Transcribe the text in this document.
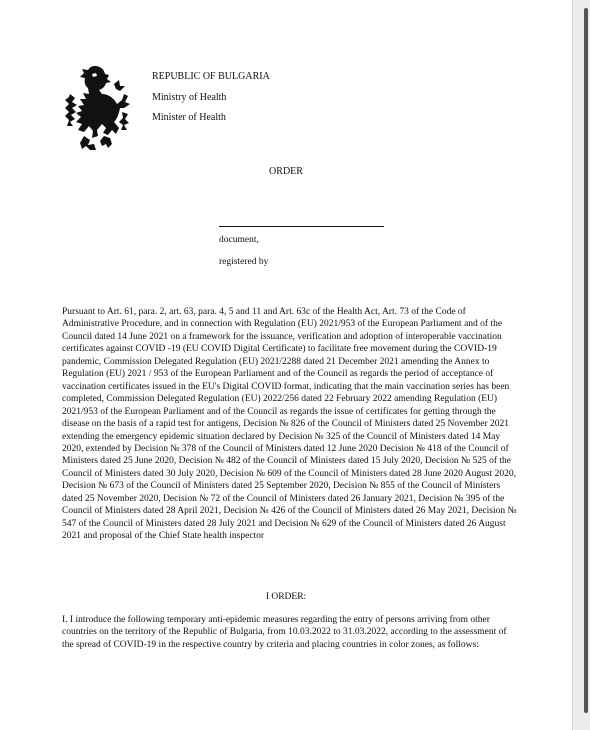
REPUBLIC OF BULGARIA
Ministry of Health
Minister of Health
ORDER
document,
registered by

Pursuant to Art. 61, para. 2, art. 63, para. 4, 5 and 11 and Art. 63c of the Health Act, Art. 73 of the Code of Administrative Procedure, and in connection with Regulation (EU) 2021/953 of the European Parliament and of the Council dated 14 June 2021 on a framework for the issuance, verification and adoption of interoperable vaccination certificates against COVID -19 (EU COVID Digital Certificate) to facilitate free movement during the COVID-19 pandemic, Commission Delegated Regulation (EU) 2021/2288 dated 21 December 2021 amending the Annex to Regulation (EU) 2021 / 953 of the European Parliament and of the Council as regards the period of acceptance of vaccination certificates issued in the EU's Digital COVID format, indicating that the main vaccination series has been completed, Commission Delegated Regulation (EU) 2022/256 dated 22 February 2022 amending Regulation (EU) 2021/953 of the European Parliament and of the Council as regards the issue of certificates for getting through the disease on the basis of a rapid test for antigens, Decision № 826 of the Council of Ministers dated 25 November 2021 extending the emergency epidemic situation declared by Decision № 325 of the Council of Ministers dated 14 May 2020, extended by Decision № 378 of the Council of Ministers dated 12 June 2020 Decision № 418 of the Council of Ministers dated 25 June 2020, Decision № 482 of the Council of Ministers dated 15 July 2020, Decision № 525 of the Council of Ministers dated 30 July 2020, Decision № 609 of the Council of Ministers dated 28 June 2020 August 2020, Decision № 673 of the Council of Ministers dated 25 September 2020, Decision № 855 of the Council of Ministers dated 25 November 2020, Decision № 72 of the Council of Ministers dated 26 January 2021, Decision № 395 of the Council of Ministers dated 28 April 2021, Decision № 426 of the Council of Ministers dated 26 May 2021, Decision № 547 of the Council of Ministers dated 28 July 2021 and Decision № 629 of the Council of Ministers dated 26 August 2021 and proposal of the Chief State health inspector

I ORDER:

I. I introduce the following temporary anti-epidemic measures regarding the entry of persons arriving from other countries on the territory of the Republic of Bulgaria, from 10.03.2022 to 31.03.2022, according to the assessment of the spread of COVID-19 in the respective country by criteria and placing countries in color zones, as follows:
